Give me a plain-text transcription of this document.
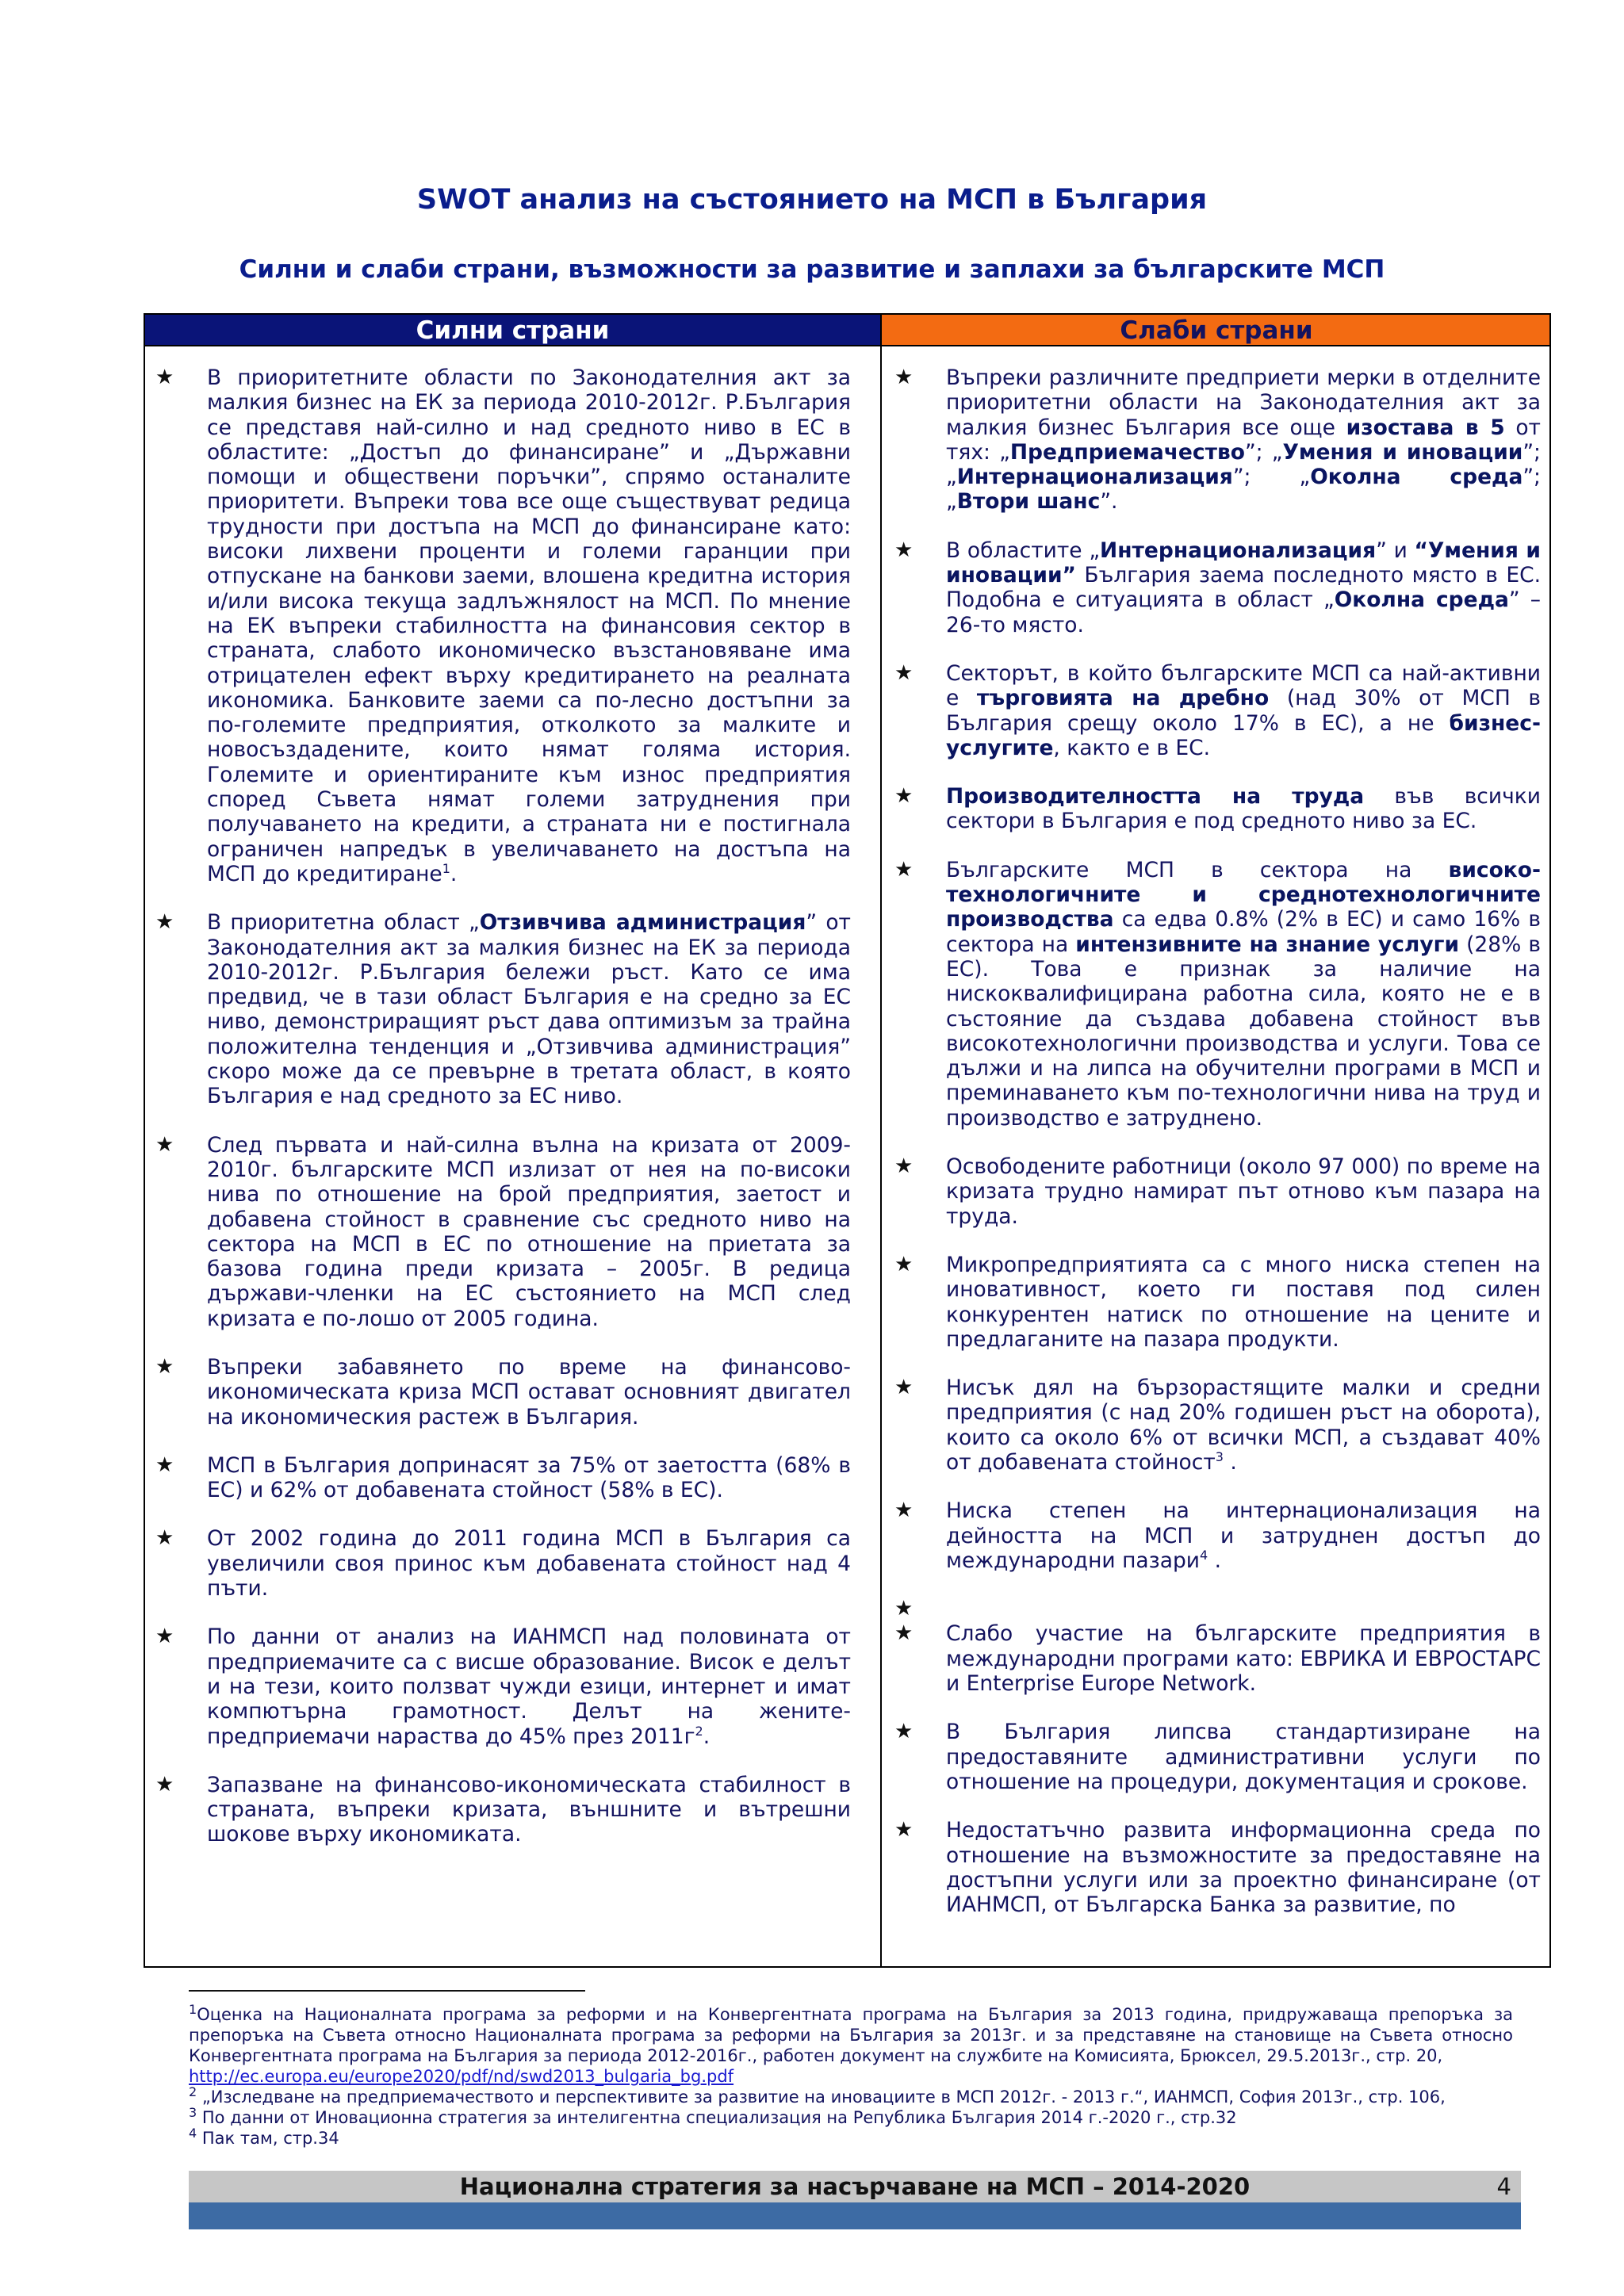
SWOT анализ на състоянието на МСП в България
Силни и слаби страни, възможности за развитие и заплахи за българските МСП
Силни страни	Слаби страни
★ В приоритетните области по Законодателния акт за малкия бизнес на ЕК за периода 2010-2012г. Р.България се представя най-силно и над средното ниво в ЕС в областите: „Достъп до финансиране” и „Държавни помощи и обществени поръчки”, спрямо останалите приоритети. Въпреки това все още съществуват редица трудности при достъпа на МСП до финансиране като: високи лихвени проценти и големи гаранции при отпускане на банкови заеми, влошена кредитна история и/или висока текуща задлъжнялост на МСП. По мнение на ЕК въпреки стабилността на финансовия сектор в страната, слабото икономическо възстановяване има отрицателен ефект върху кредитирането на реалната икономика. Банковите заеми са по-лесно достъпни за по-големите предприятия, отколкото за малките и новосъздадените, които нямат голяма история. Големите и ориентираните към износ предприятия според Съвета нямат големи затруднения при получаването на кредити, а страната ни е постигнала ограничен напредък в увеличаването на достъпа на МСП до кредитиране$^1$.
★ В приоритетна област „Отзивчива администрация” от Законодателния акт за малкия бизнес на ЕК за периода 2010-2012г. Р.България бележи ръст. Като се има предвид, че в тази област България е на средно за ЕС ниво, демонстриращият ръст дава оптимизъм за трайна положителна тенденция и „Отзивчива администрация” скоро може да се превърне в третата област, в която България е над средното за ЕС ниво.
★ След първата и най-силна вълна на кризата от 2009-2010г. българските МСП излизат от нея на по-високи нива по отношение на брой предприятия, заетост и добавена стойност в сравнение със средното ниво на сектора на МСП в ЕС по отношение на приетата за базова година преди кризата – 2005г. В редица държави-членки на ЕС състоянието на МСП след кризата е по-лошо от 2005 година.
★ Въпреки забавянето по време на финансово-икономическата криза МСП остават основният двигател на икономическия растеж в България.
★ МСП в България допринасят за 75% от заетостта (68% в ЕС) и 62% от добавената стойност (58% в ЕС).
★ От 2002 година до 2011 година МСП в България са увеличили своя принос към добавената стойност над 4 пъти.
★ По данни от анализ на ИАНМСП над половината от предприемачите са с висше образование. Висок е делът и на тези, които ползват чужди езици, интернет и имат компютърна грамотност. Делът на жените-предприемачи нараства до 45% през $2011г^2$.
★ Запазване на финансово-икономическата стабилност в страната, въпреки кризата, външните и вътрешни шокове върху икономиката.
★ Въпреки различните предприети мерки в отделните приоритетни области на Законодателния акт за малкия бизнес България все още изостава в 5 от тях: „Предприемачество”; „Умения и иновации”; „Интернационализация”; „Околна среда”; „Втори шанс”.
★ В областите „Интернационализация” и “Умения и иновации” България заема последното място в ЕС. Подобна е ситуацията в област „Околна среда” – 26-то място.
★ Секторът, в който българските МСП са най-активни е търговията на дребно (над 30% от МСП в България срещу около 17% в ЕС), а не бизнес-услугите, както е в ЕС.
★ Производителността на труда във всички сектори в България е под средното ниво за ЕС.
★ Българските МСП в сектора на високо-технологичните и среднотехнологичните производства са едва 0.8% (2% в ЕС) и само 16% в сектора на интензивните на знание услуги (28% в ЕС). Това е признак за наличие на нискоквалифицирана работна сила, която не е в състояние да създава добавена стойност във високотехнологични производства и услуги. Това се дължи и на липса на обучителни програми в МСП и преминаването към по-технологични нива на труд и производство е затруднено.
★ Освободените работници (около 97 000) по време на кризата трудно намират път отново към пазара на труда.
★ Микропредприятията са с много ниска степен на иновативност, което ги поставя под силен конкурентен натиск по отношение на цените и предлаганите на пазара продукти.
★ Нисък дял на бързорастящите малки и средни предприятия (с над 20% годишен ръст на оборота), които са около 6% от всички МСП, а създават 40% от добавената стойност$^3$ .
★ Ниска степен на интернационализация на дейността на МСП и затруднен достъп до международни пазари$^4$ .
★

★ Слабо участие на българските предприятия в международни програми като: ЕВРИКА И ЕВРОСТАРС и Enterprise Europe Network.
★ В България липсва стандартизиране на предоставяните административни услуги по отношение на процедури, документация и срокове.
★ Недостатъчно развита информационна среда по отношение на възможностите за предоставяне на достъпни услуги или за проектно финансиране (от ИАНМСП, от Българска Банка за развитие, по

$^1$Оценка на Националната програма за реформи и на Конвергентната програма на България за 2013 година, придружаваща препоръка за препоръка на Съвета относно Националната програма за реформи на България за 2013г. и за представяне на становище на Съвета относно Конвергентната програма на България за периода 2012-2016г., работен документ на службите на Комисията, Брюксел, 29.5.2013г., стр. 20,
http://ec.europa.eu/europe2020/pdf/nd/swd2013_bulgaria_bg.pdf

$^2$ „Изследване на предприемачеството и перспективите за развитие на иновациите в МСП 2012г. - 2013 г.“, ИАНМСП, София 2013г., стр. 106,

$^3$ По данни от Иновационна стратегия за интелигентна специализация на Република България 2014 г.-2020 г., стр.32

$^4$ Пак там, стр.34

Национална стратегия за насърчаване на МСП – 2014-2020	4
